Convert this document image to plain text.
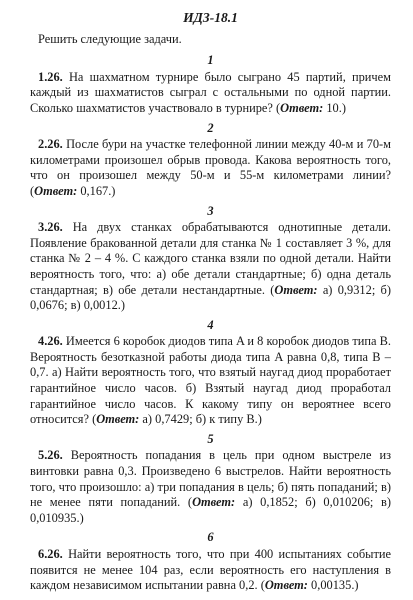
ИДЗ-18.1
Решить следующие задачи.
1

1.26. На шахматном турнире было сыграно 45 партий, причем каждый из шахматистов сыграл с остальными по одной партии. Сколько шахматистов участвовало в турнире? (Ответ: 10.)

2

2.26. После бури на участке телефонной линии между 40-м и 70-м километрами произошел обрыв провода. Какова вероятность того, что он произошел между 50-м и 55-м километрами линии? (Ответ: 0,167.)

3

3.26. На двух станках обрабатываются однотипные детали. Появление бракованной детали для станка № 1 составляет 3 %, для станка № 2 – 4 %. С каждого станка взяли по одной детали. Найти вероятность того, что: а) обе детали стандартные; б) одна деталь стандартная; в) обе детали нестандартные. (Ответ: а) 0,9312; б) 0,0676; в) 0,0012.)

4

4.26. Имеется 6 коробок диодов типа A и 8 коробок диодов типа B. Вероятность безотказной работы диода типа A равна 0,8, типа B – 0,7. а) Найти вероятность того, что взятый наугад диод проработает гарантийное число часов. б) Взятый наугад диод проработал гарантийное число часов. К какому типу он вероятнее всего относится? (Ответ: а) 0,7429; б) к типу B.)

5

5.26. Вероятность попадания в цель при одном выстреле из винтовки равна 0,3. Произведено 6 выстрелов. Найти вероятность того, что произошло: а) три попадания в цель; б) пять попаданий; в) не менее пяти попаданий. (Ответ: а) 0,1852; б) 0,010206; в) 0,010935.)

6

6.26. Найти вероятность того, что при 400 испытаниях событие появится не менее 104 раз, если вероятность его наступления в каждом независимом испытании равна 0,2. (Ответ: 0,00135.)
